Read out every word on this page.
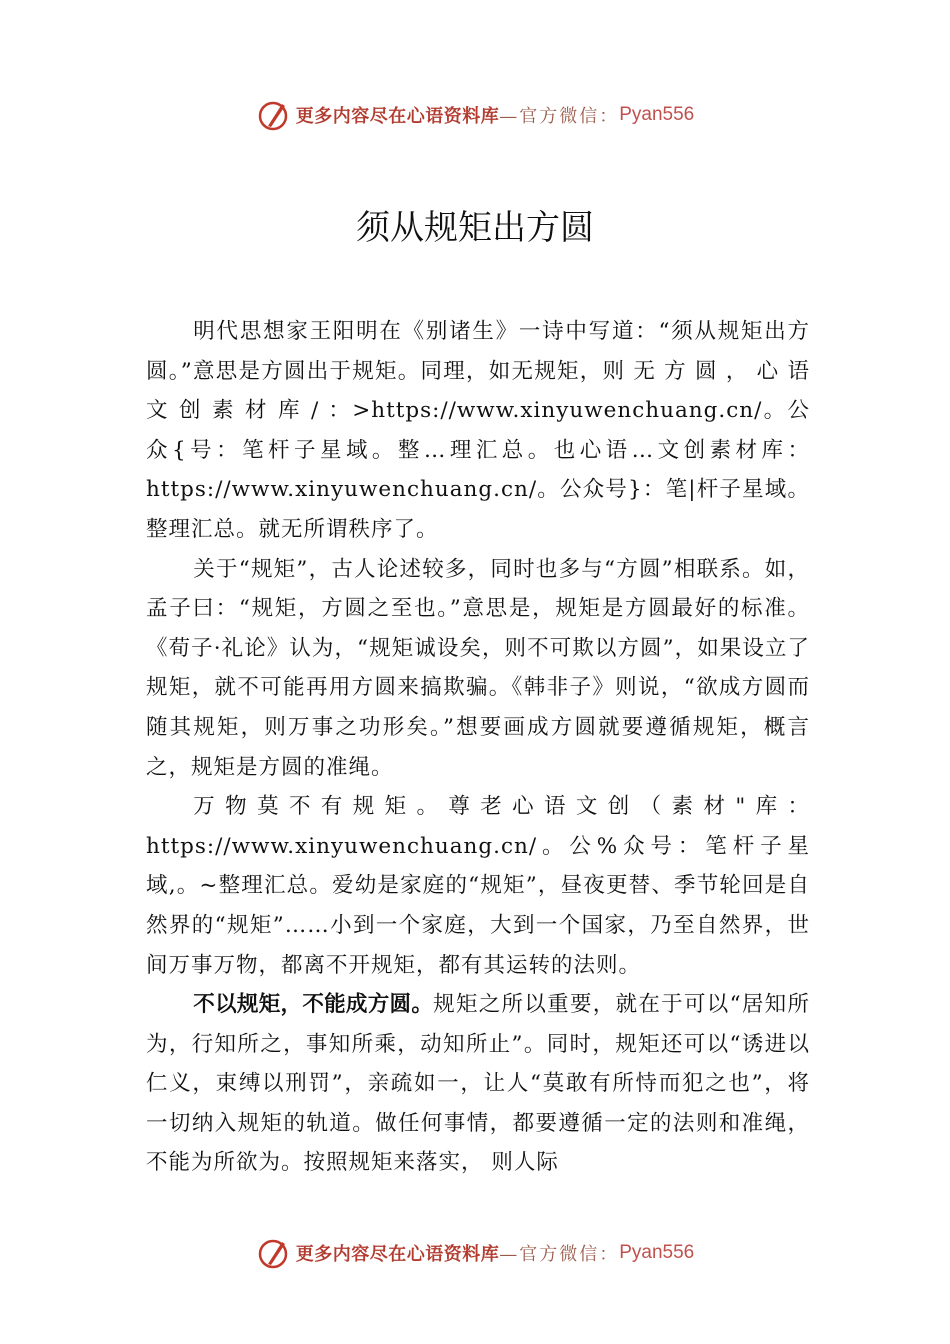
更多内容尽在心语资料库 —官方微信： Pyan556
须从规矩出方圆

明代思想家王阳明在《别诸生》一诗中写道：“须从规矩出方圆。”意思是方圆出于规矩。同理，如无规矩，则 无 方 圆 ， 心 语 文 创 素 材 库 / ：>https://www.xinyuwenchuang.cn/。公众{号：笔杆子星域。整…理汇总。也心语…文创素材库：https://www.xinyuwenchuang.cn/。公众号}：笔|杆子星域。整理汇总。就无所谓秩序了。

关于“规矩”，古人论述较多，同时也多与“方圆”相联系。如，孟子曰：“规矩，方圆之至也。”意思是，规矩是方圆最好的标准。《荀子·礼论》认为，“规矩诚设矣，则不可欺以方圆”，如果设立了规矩，就不可能再用方圆来搞欺骗。《韩非子》则说，“欲成方圆而随其规矩，则万事之功形矣。”想要画成方圆就要遵循规矩，概言之，规矩是方圆的准绳。

万物莫不有规矩。尊老心语文创（素材"库：https://www.xinyuwenchuang.cn/。公%众号：笔杆子星域,。~整理汇总。爱幼是家庭的“规矩”，昼夜更替、季节轮回是自然界的“规矩”……小到一个家庭，大到一个国家，乃至自然界，世间万事万物，都离不开规矩，都有其运转的法则。

不以规矩，不能成方圆。规矩之所以重要，就在于可以“居知所为，行知所之，事知所乘，动知所止”。同时，规矩还可以“诱进以仁义，束缚以刑罚”，亲疏如一，让人“莫敢有所恃而犯之也”，将一切纳入规矩的轨道。做任何事情，都要遵循一定的法则和准绳，不能为所欲为。按照规矩来落实， 则人际

更多内容尽在心语资料库 —官方微信： Pyan556
